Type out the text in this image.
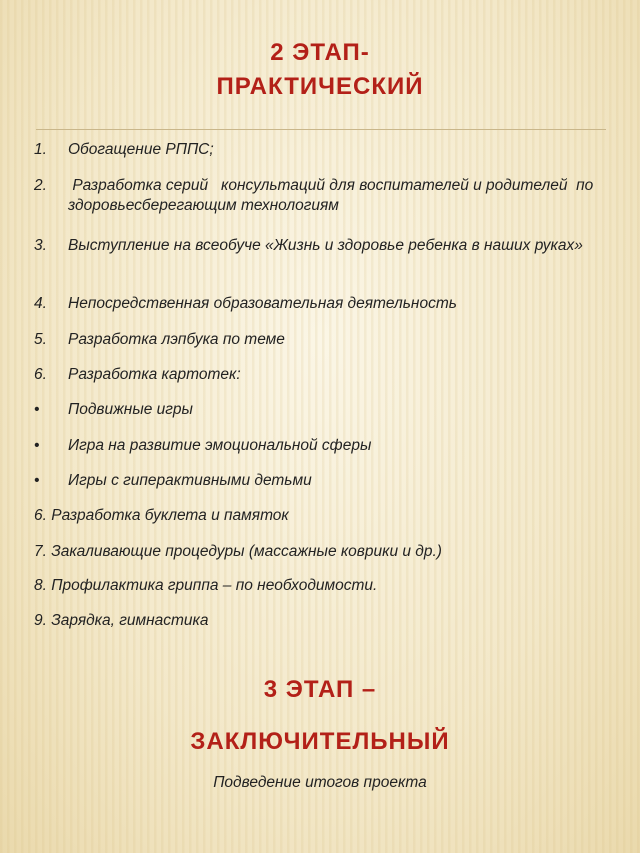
2 ЭТАП-
ПРАКТИЧЕСКИЙ
1.	Обогащение РППС;
2.	Разработка серий   консультаций для воспитателей и родителей  по здоровьесберегающим технологиям
3.	Выступление на всеобуче «Жизнь и здоровье ребенка в наших руках»
4.	Непосредственная образовательная деятельность
5.	Разработка лэпбука по теме
6.	Разработка картотек:
•	Подвижные игры
•	Игра на развитие эмоциональной сферы
•	Игры с гиперактивными детьми
6. Разработка буклета и памяток
7. Закаливающие процедуры (массажные коврики и др.)
8. Профилактика гриппа – по необходимости.
9. Зарядка, гимнастика
3 ЭТАП –
ЗАКЛЮЧИТЕЛЬНЫЙ
Подведение итогов проекта
